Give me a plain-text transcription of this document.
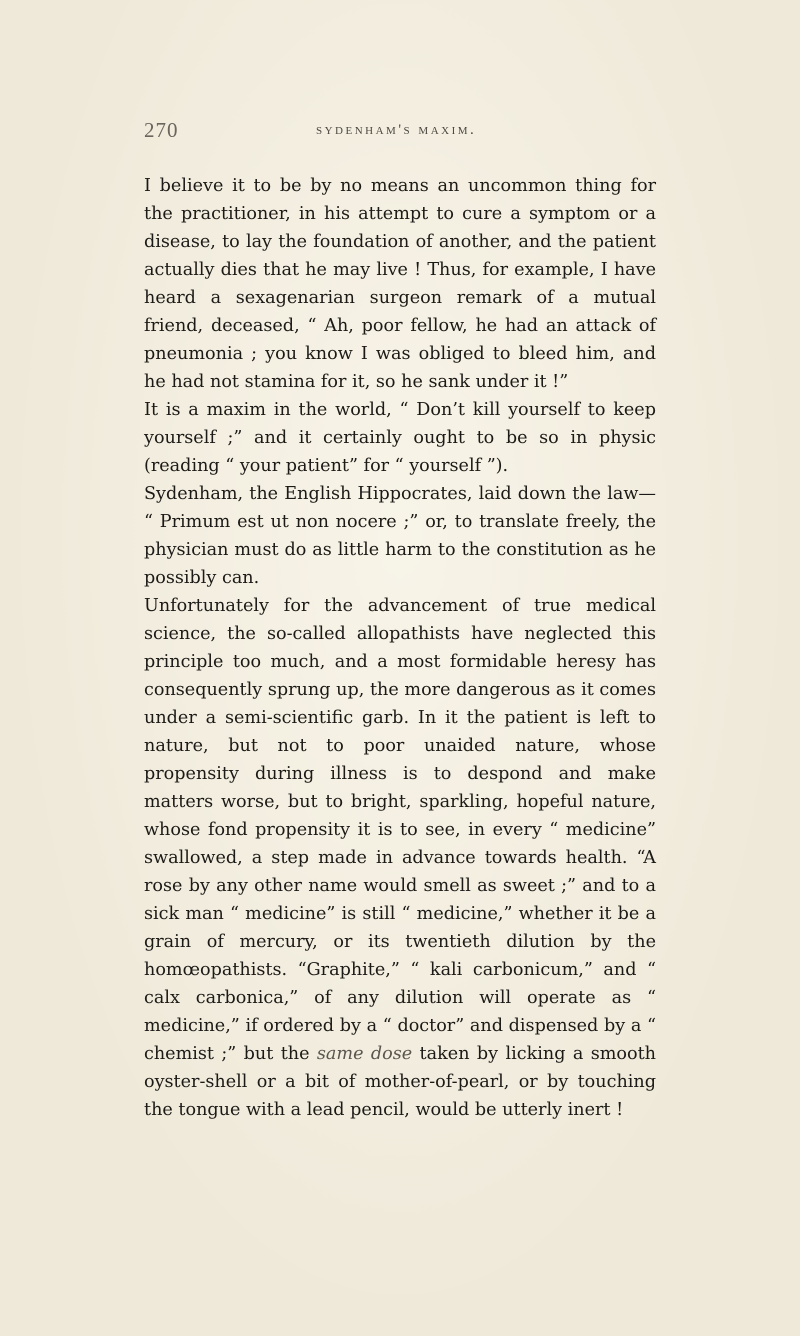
270	sydenham's maxim.

I believe it to be by no means an uncommon thing for the practitioner, in his attempt to cure a symptom or a disease, to lay the foundation of another, and the patient actually dies that he may live ! Thus, for example, I have heard a sexagenarian surgeon remark of a mutual friend, deceased, “ Ah, poor fellow, he had an attack of pneumonia ; you know I was obliged to bleed him, and he had not stamina for it, so he sank under it !”

It is a maxim in the world, “ Don’t kill yourself to keep yourself ;” and it certainly ought to be so in physic (reading “ your patient” for “ yourself ”).

Sydenham, the English Hippocrates, laid down the law— “ Primum est ut non nocere ;” or, to translate freely, the physician must do as little harm to the constitution as he possibly can.

Unfortunately for the advancement of true medical science, the so-called allopathists have neglected this principle too much, and a most formidable heresy has consequently sprung up, the more dangerous as it comes under a semi-scientific garb. In it the patient is left to nature, but not to poor unaided nature, whose propensity during illness is to despond and make matters worse, but to bright, sparkling, hopeful nature, whose fond propensity it is to see, in every “ medicine” swallowed, a step made in advance towards health. “A rose by any other name would smell as sweet ;” and to a sick man “ medicine” is still “ medicine,” whether it be a grain of mercury, or its twentieth dilution by the homœopathists. “Graphite,” “ kali carbonicum,” and “ calx carbonica,” of any dilution will operate as “ medicine,” if ordered by a “ doctor” and dispensed by a “ chemist ;” but the same dose taken by licking a smooth oyster-shell or a bit of mother-of-pearl, or by touching the tongue with a lead pencil, would be utterly inert !
